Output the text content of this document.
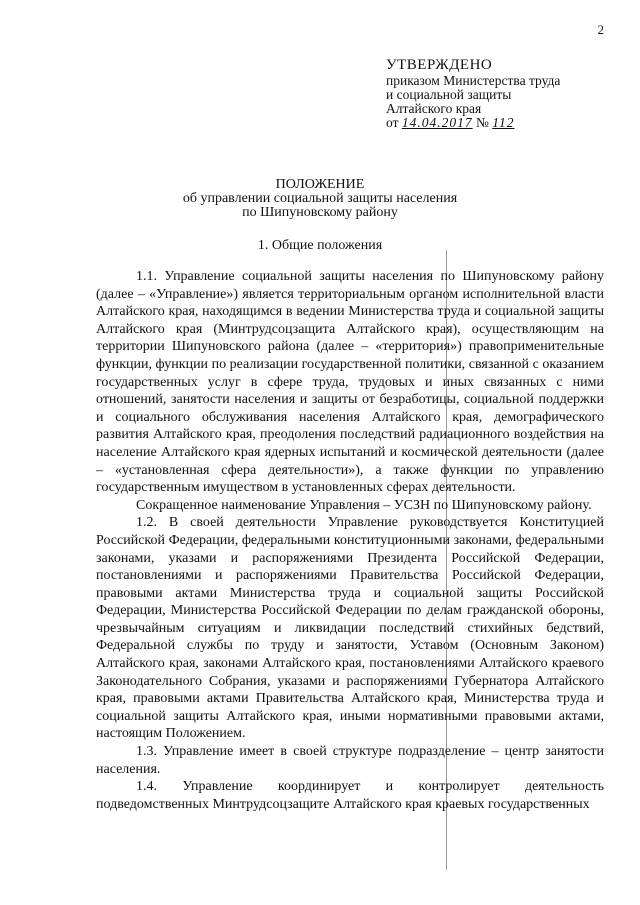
2
УТВЕРЖДЕНО
приказом Министерства труда
и социальной защиты
Алтайского края
от 14.04.2017 № 112
ПОЛОЖЕНИЕ
об управлении социальной защиты населения
по Шипуновскому району
1. Общие положения

1.1. Управление социальной защиты населения по Шипуновскому району (далее – «Управление») является территориальным органом исполнительной власти Алтайского края, находящимся в ведении Министерства труда и социальной защиты Алтайского края (Минтрудсоцзащита Алтайского края), осуществляющим на территории Шипуновского района (далее – «территория») правоприменительные функции, функции по реализации государственной политики, связанной с оказанием государственных услуг в сфере труда, трудовых и иных связанных с ними отношений, занятости населения и защиты от безработицы, социальной поддержки и социального обслуживания населения Алтайского края, демографического развития Алтайского края, преодоления последствий радиационного воздействия на население Алтайского края ядерных испытаний и космической деятельности (далее – «установленная сфера деятельности»), а также функции по управлению государственным имуществом в установленных сферах деятельности.

Сокращенное наименование Управления – УСЗН по Шипуновскому району.

1.2. В своей деятельности Управление руководствуется Конституцией Российской Федерации, федеральными конституционными законами, федеральными законами, указами и распоряжениями Президента Российской Федерации, постановлениями и распоряжениями Правительства Российской Федерации, правовыми актами Министерства труда и социальной защиты Российской Федерации, Министерства Российской Федерации по делам гражданской обороны, чрезвычайным ситуациям и ликвидации последствий стихийных бедствий, Федеральной службы по труду и занятости, Уставом (Основным Законом) Алтайского края, законами Алтайского края, постановлениями Алтайского краевого Законодательного Собрания, указами и распоряжениями Губернатора Алтайского края, правовыми актами Правительства Алтайского края, Министерства труда и социальной защиты Алтайского края, иными нормативными правовыми актами, настоящим Положением.

1.3. Управление имеет в своей структуре подразделение – центр занятости населения.

1.4. Управление координирует и контролирует деятельность подведомственных Минтрудсоцзащите Алтайского края краевых государственных
